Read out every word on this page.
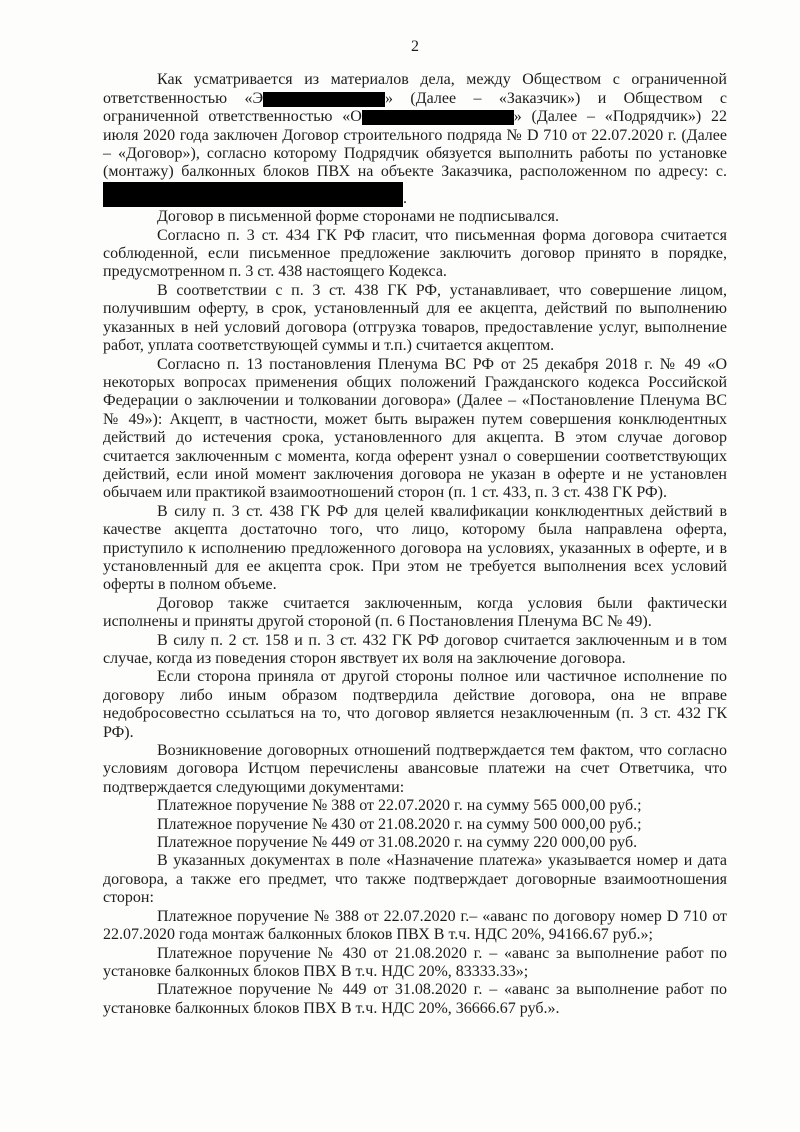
2

Как усматривается из материалов дела, между Обществом с ограниченной ответственностью «Э	» (Далее – «Заказчик») и Обществом с ограниченной ответственностью «О	» (Далее – «Подрядчик») 22 июля 2020 года заключен Договор строительного подряда № D 710 от 22.07.2020 г. (Далее – «Договор»), согласно которому Подрядчик обязуется выполнить работы по установке (монтажу) балконных блоков ПВХ на объекте Заказчика, расположенном по адресу: с. .

Договор в письменной форме сторонами не подписывался.

Согласно п. 3 ст. 434 ГК РФ гласит, что письменная форма договора считается соблюденной, если письменное предложение заключить договор принято в порядке, предусмотренном п. 3 ст. 438 настоящего Кодекса.

В соответствии с п. 3 ст. 438 ГК РФ, устанавливает, что совершение лицом, получившим оферту, в срок, установленный для ее акцепта, действий по выполнению указанных в ней условий договора (отгрузка товаров, предоставление услуг, выполнение работ, уплата соответствующей суммы и т.п.) считается акцептом.

Согласно п. 13 постановления Пленума ВС РФ от 25 декабря 2018 г. № 49 «О некоторых вопросах применения общих положений Гражданского кодекса Российской Федерации о заключении и толковании договора» (Далее – «Постановление Пленума ВС № 49»): Акцепт, в частности, может быть выражен путем совершения конклюдентных действий до истечения срока, установленного для акцепта. В этом случае договор считается заключенным с момента, когда оферент узнал о совершении соответствующих действий, если иной момент заключения договора не указан в оферте и не установлен обычаем или практикой взаимоотношений сторон (п. 1 ст. 433, п. 3 ст. 438 ГК РФ).

В силу п. 3 ст. 438 ГК РФ для целей квалификации конклюдентных действий в качестве акцепта достаточно того, что лицо, которому была направлена оферта, приступило к исполнению предложенного договора на условиях, указанных в оферте, и в установленный для ее акцепта срок. При этом не требуется выполнения всех условий оферты в полном объеме.

Договор также считается заключенным, когда условия были фактически исполнены и приняты другой стороной (п. 6 Постановления Пленума ВС № 49).

В силу п. 2 ст. 158 и п. 3 ст. 432 ГК РФ договор считается заключенным и в том случае, когда из поведения сторон явствует их воля на заключение договора.

Если сторона приняла от другой стороны полное или частичное исполнение по договору либо иным образом подтвердила действие договора, она не вправе недобросовестно ссылаться на то, что договор является незаключенным (п. 3 ст. 432 ГК РФ).

Возникновение договорных отношений подтверждается тем фактом, что согласно условиям договора Истцом перечислены авансовые платежи на счет Ответчика, что подтверждается следующими документами:

Платежное поручение № 388 от 22.07.2020 г. на сумму 565 000,00 руб.;

Платежное поручение № 430 от 21.08.2020 г. на сумму 500 000,00 руб.;

Платежное поручение № 449 от 31.08.2020 г. на сумму 220 000,00 руб.

В указанных документах в поле «Назначение платежа» указывается номер и дата договора, а также его предмет, что также подтверждает договорные взаимоотношения сторон:

Платежное поручение № 388 от 22.07.2020 г.– «аванс по договору номер D 710 от 22.07.2020 года монтаж балконных блоков ПВХ В т.ч. НДС 20%, 94166.67 руб.»;

Платежное поручение № 430 от 21.08.2020 г. – «аванс за выполнение работ по установке балконных блоков ПВХ В т.ч. НДС 20%, 83333.33»;

Платежное поручение № 449 от 31.08.2020 г. – «аванс за выполнение работ по установке балконных блоков ПВХ В т.ч. НДС 20%, 36666.67 руб.».
